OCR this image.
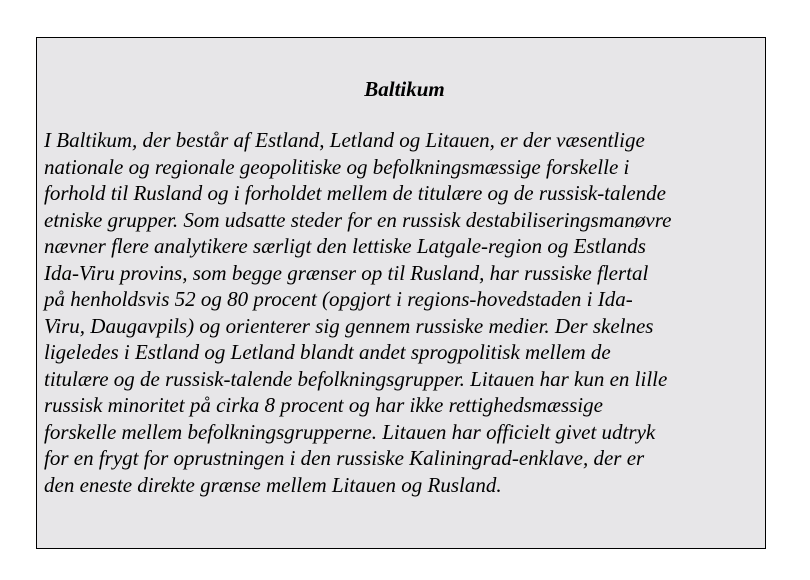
Baltikum
I Baltikum, der består af Estland, Letland og Litauen, er der væsentlige
nationale og regionale geopolitiske og befolkningsmæssige forskelle i
forhold til Rusland og i forholdet mellem de titulære og de russisk-talende
etniske grupper. Som udsatte steder for en russisk destabiliseringsmanøvre
nævner flere analytikere særligt den lettiske Latgale-region og Estlands
Ida-Viru provins, som begge grænser op til Rusland, har russiske flertal
på henholdsvis 52 og 80 procent (opgjort i regions-hovedstaden i Ida-
Viru, Daugavpils) og orienterer sig gennem russiske medier. Der skelnes
ligeledes i Estland og Letland blandt andet sprogpolitisk mellem de
titulære og de russisk-talende befolkningsgrupper. Litauen har kun en lille
russisk minoritet på cirka 8 procent og har ikke rettighedsmæssige
forskelle mellem befolkningsgrupperne. Litauen har officielt givet udtryk
for en frygt for oprustningen i den russiske Kaliningrad-enklave, der er
den eneste direkte grænse mellem Litauen og Rusland.
